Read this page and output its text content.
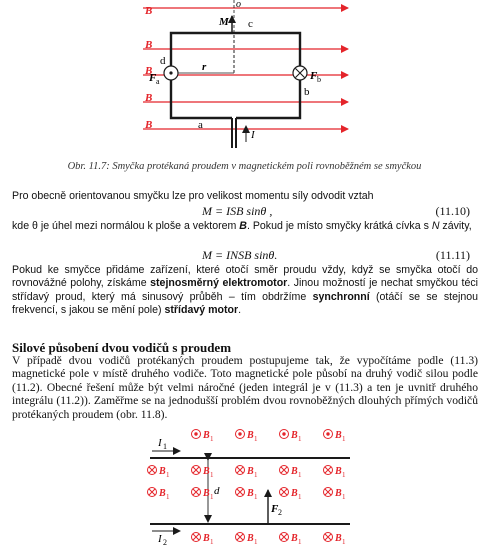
B
B
B
B
B
o
I
M c
r
d
F a	F b
b
a
Obr. 11.7: Smyčka protékaná proudem v magnetickém poli rovnoběžném se smyčkou
Pro obecně orientovanou smyčku lze pro velikost momentu síly odvodit vztah
M = ISB sinθ ,	(11.10)
kde θ je úhel mezi normálou k ploše a vektorem B. Pokud je místo smyčky krátká cívka s N závity,
M = INSB sinθ.	(11.11)
Pokud ke smyčce přidáme zařízení, které otočí směr proudu vždy, když se smyčka otočí do rovnovážné polohy, získáme stejnosměrný elektromotor. Jinou možností je nechat smyčkou téci střídavý proud, který má sinusový průběh – tím obdržíme synchronní (otáčí se se stejnou frekvencí, s jakou se mění pole) střídavý motor.
Silové působení dvou vodičů s proudem
V případě dvou vodičů protékaných proudem postupujeme tak, že vypočítáme podle (11.3) magnetické pole v místě druhého vodiče. Toto magnetické pole působí na druhý vodič silou podle (11.2). Obecné řešení může být velmi náročné (jeden integrál je v (11.3) a ten je uvnitř druhého integrálu (11.2)). Zaměřme se na jednodušší problém dvou rovnoběžných dlouhých přímých vodičů protékaných proudem (obr. 11.8).
I 1
I 2
d
F 2
B	B	B	B
1	1	1	1
B	B	B	B	B
B	B	B	B	B
B	B	B	B
1	1	1	1	1
1	1	1	1	1
1	1	1	1
